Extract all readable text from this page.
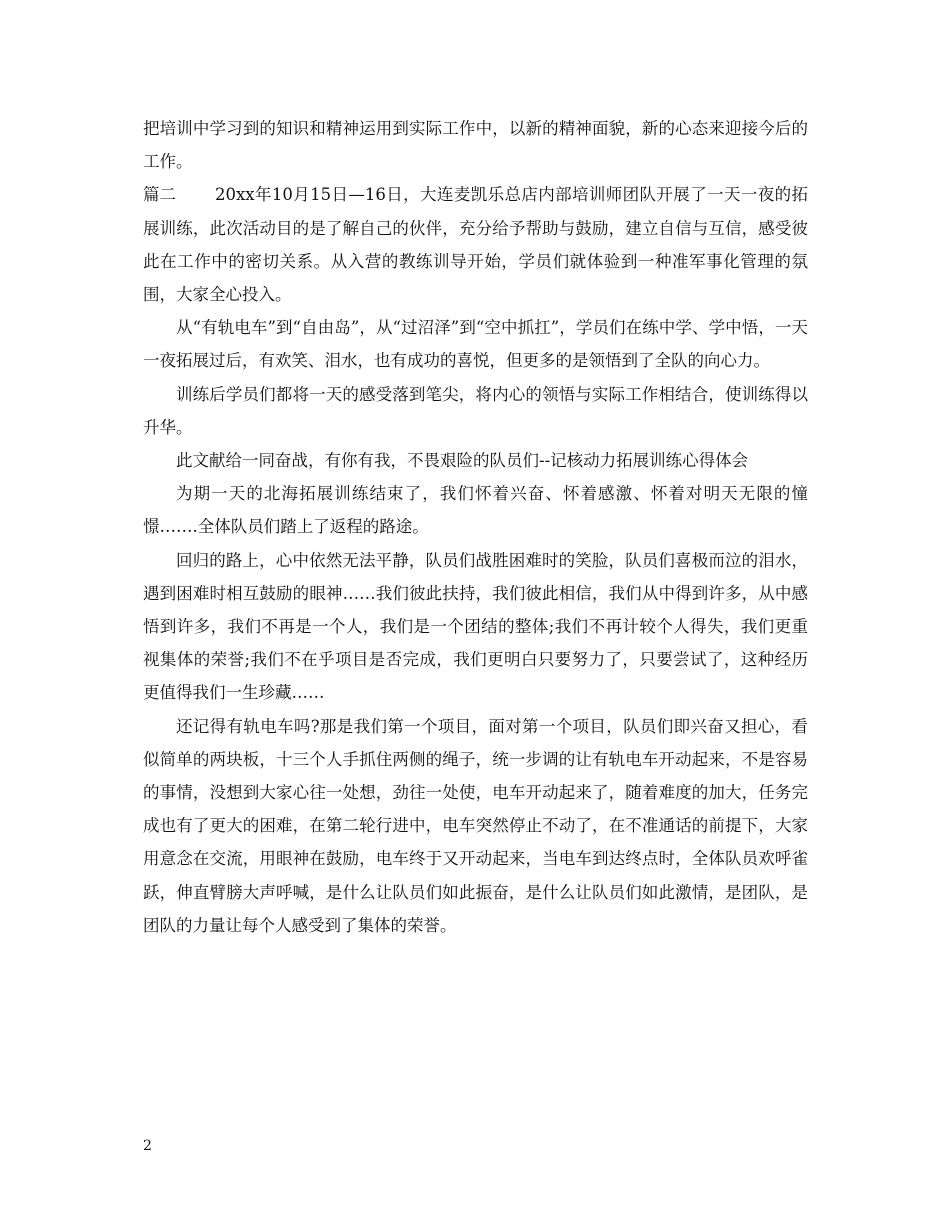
把培训中学习到的知识和精神运用到实际工作中，以新的精神面貌，新的心态来迎接今后的工作。

篇二 20xx年10月15日—16日，大连麦凯乐总店内部培训师团队开展了一天一夜的拓展训练，此次活动目的是了解自己的伙伴，充分给予帮助与鼓励，建立自信与互信，感受彼此在工作中的密切关系。从入营的教练训导开始，学员们就体验到一种准军事化管理的氛围，大家全心投入。

从“有轨电车”到“自由岛”，从“过沼泽”到“空中抓扛”，学员们在练中学、学中悟，一天一夜拓展过后，有欢笑、泪水，也有成功的喜悦，但更多的是领悟到了全队的向心力。

训练后学员们都将一天的感受落到笔尖，将内心的领悟与实际工作相结合，使训练得以升华。

此文献给一同奋战，有你有我，不畏艰险的队员们--记核动力拓展训练心得体会

为期一天的北海拓展训练结束了，我们怀着兴奋、怀着感激、怀着对明天无限的憧憬…….全体队员们踏上了返程的路途。

回归的路上，心中依然无法平静，队员们战胜困难时的笑脸，队员们喜极而泣的泪水，遇到困难时相互鼓励的眼神……我们彼此扶持，我们彼此相信，我们从中得到许多，从中感悟到许多，我们不再是一个人，我们是一个团结的整体;我们不再计较个人得失，我们更重视集体的荣誉;我们不在乎项目是否完成，我们更明白只要努力了，只要尝试了，这种经历更值得我们一生珍藏……

还记得有轨电车吗?那是我们第一个项目，面对第一个项目，队员们即兴奋又担心，看似简单的两块板，十三个人手抓住两侧的绳子，统一步调的让有轨电车开动起来，不是容易的事情，没想到大家心往一处想，劲往一处使，电车开动起来了，随着难度的加大，任务完成也有了更大的困难，在第二轮行进中，电车突然停止不动了，在不准通话的前提下，大家用意念在交流，用眼神在鼓励，电车终于又开动起来，当电车到达终点时，全体队员欢呼雀跃，伸直臂膀大声呼喊，是什么让队员们如此振奋，是什么让队员们如此激情，是团队，是团队的力量让每个人感受到了集体的荣誉。

2
